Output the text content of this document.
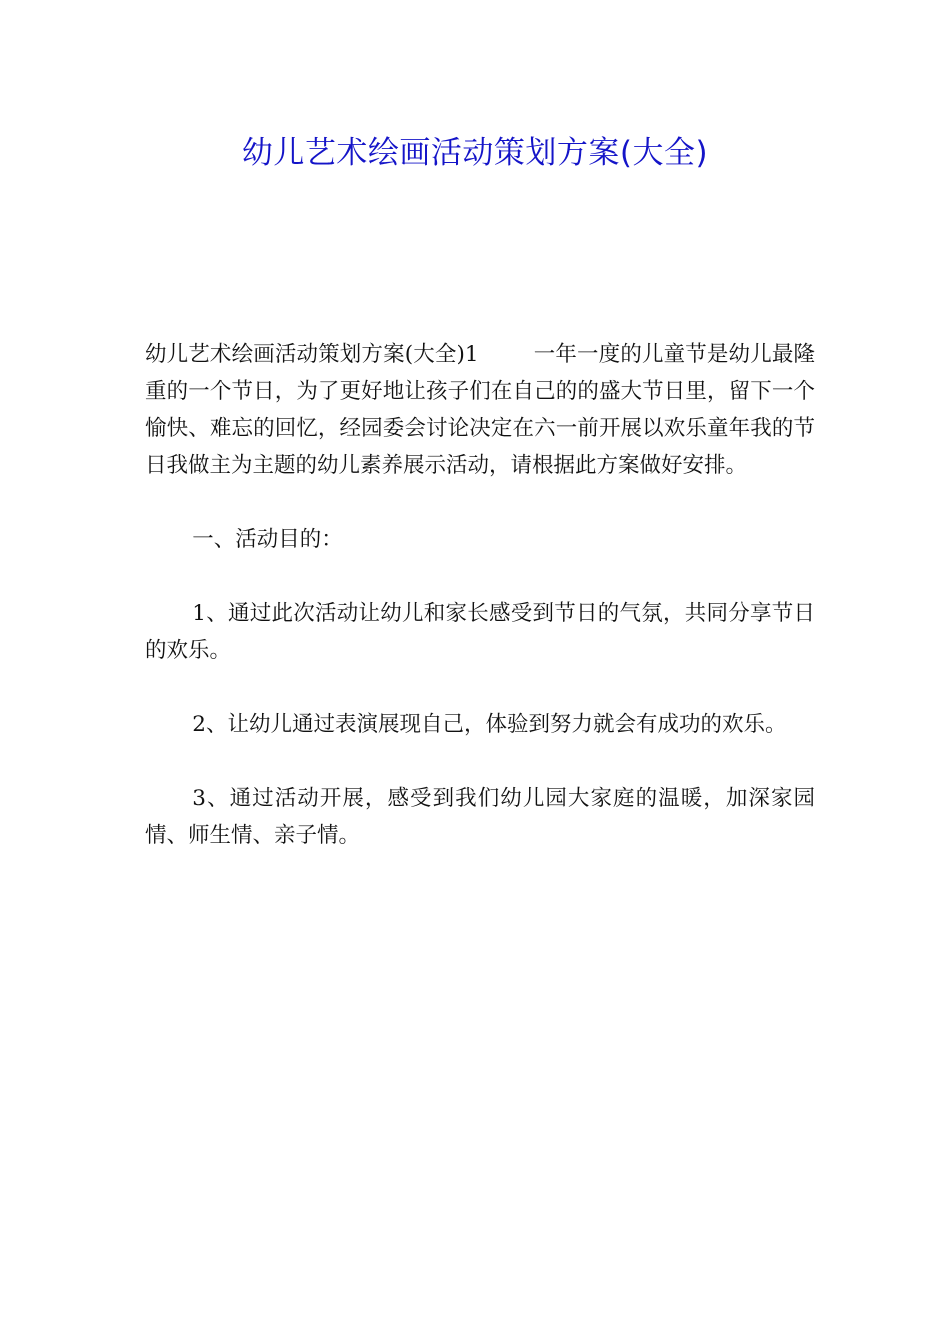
幼儿艺术绘画活动策划方案(大全)

幼儿艺术绘画活动策划方案(大全)1	一年一度的儿童节是幼儿最隆重的一个节日，为了更好地让孩子们在自己的的盛大节日里，留下一个愉快、难忘的回忆，经园委会讨论决定在六一前开展以欢乐童年我的节日我做主为主题的幼儿素养展示活动，请根据此方案做好安排。

一、活动目的：

1、通过此次活动让幼儿和家长感受到节日的气氛，共同分享节日的欢乐。

2、让幼儿通过表演展现自己，体验到努力就会有成功的欢乐。

3、通过活动开展，感受到我们幼儿园大家庭的温暖，加深家园情、师生情、亲子情。
